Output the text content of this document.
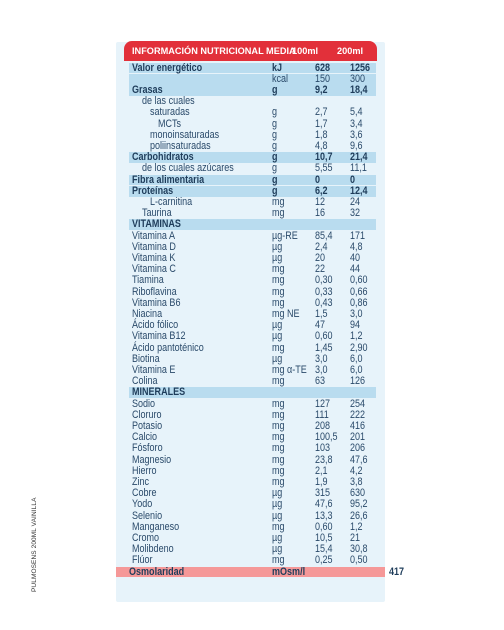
INFORMACIÓN NUTRICIONAL MEDIA
100ml 200ml
Valor energético	kJ	628 1256
kcal 150 300
Grasas	g	9,2 18,4
de las cuales
saturadas	g	2,7 5,4
MCTs	g	1,7 3,4
monoinsaturadas	g	1,8 3,6
poliinsaturadas	g	4,8 9,6
Carbohidratos	g	10,7 21,4
de los cuales azúcares	g	5,55 11,1
Fibra alimentaria	g	0	0
Proteínas	g	6,2 12,4
L-carnitina	mg	12 24
Taurina	mg	16 32
VITAMINAS
Vitamina A	µg-RE 85,4 171
Vitamina D	µg	2,4 4,8
Vitamina K	µg	20 40
Vitamina C	mg	22 44
Tiamina	mg	0,30 0,60
Riboflavina	mg	0,33 0,66
Vitamina B6	mg	0,43 0,86
Niacina	mg NE 1,5 3,0
Ácido fólico	µg	47 94
Vitamina B12	µg	0,60 1,2
Ácido pantoténico	mg	1,45 2,90
Biotina	µg	3,0 6,0
Vitamina E	mg α-TE 3,0 6,0
Colina	mg	63 126
MINERALES
Sodio	mg	127 254
Cloruro	mg	111 222
Potasio	mg	208 416
Calcio	mg	100,5 201
Fósforo	mg	103 206
Magnesio	mg	23,8 47,6
Hierro	mg	2,1 4,2
Zinc	mg	1,9 3,8
Cobre	µg	315 630
Yodo	µg	47,6 95,2
Selenio	µg	13,3 26,6
Manganeso	mg	0,60 1,2
Cromo	µg	10,5 21
Molibdeno	µg	15,4 30,8
Flúor	mg	0,25 0,50
Osmolaridad	mOsm/l	417
PULMOSENS 200ML VAINILLA
